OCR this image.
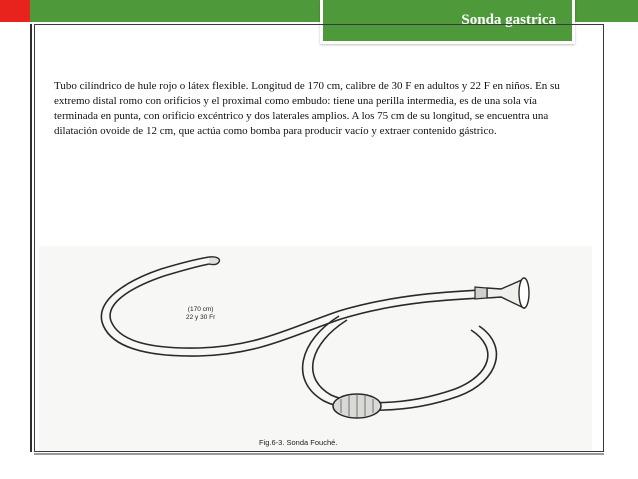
Sonda gastrica

Tubo cilíndrico de hule rojo o látex flexible. Longitud de 170 cm, calibre de 30 F en adultos y 22 F en niños. En su extremo distal romo con orificios y el proximal como embudo: tiene una perilla intermedia, es de una sola vía terminada en punta, con orificio excéntrico y dos laterales amplios. A los 75 cm de su longitud, se encuentra una dilatación ovoide de 12 cm, que actúa como bomba para producir vacío y extraer contenido gástrico.

(170 cm)
22 y 30 Fr
Fig.6-3. Sonda Fouché.
